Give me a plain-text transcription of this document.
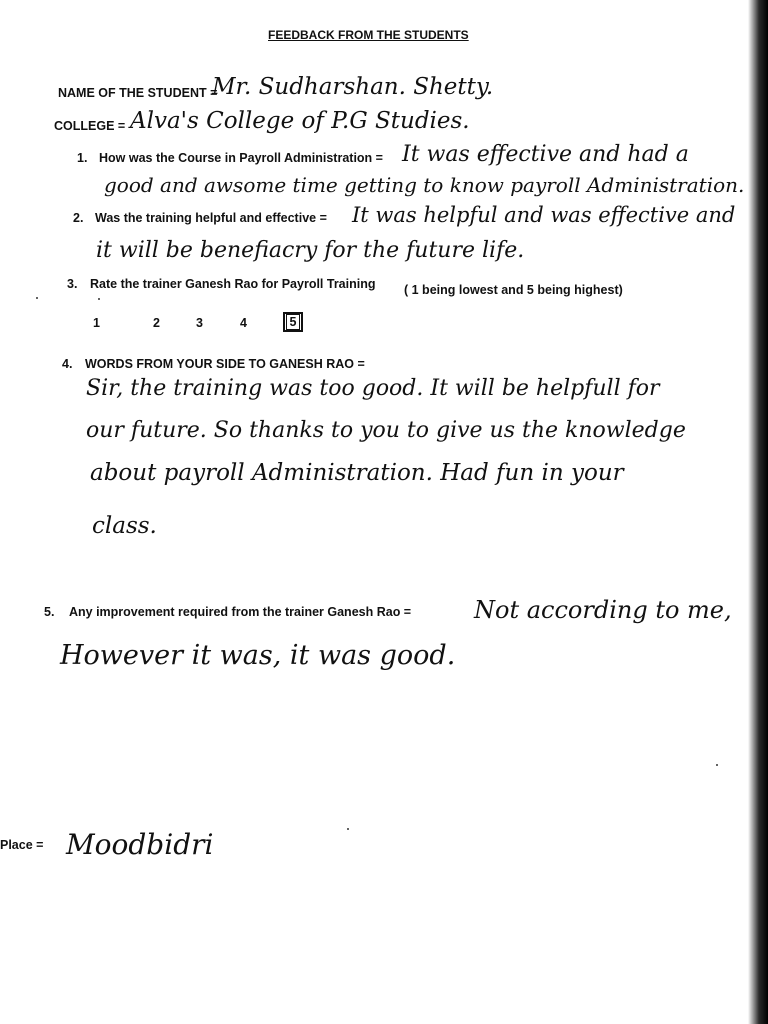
FEEDBACK FROM THE STUDENTS
NAME OF THE STUDENT =
Mr. Sudharshan. Shetty.
COLLEGE = Alva's College of P.G Studies.
1. How was the Course in Payroll Administration = It was effective and had a
good and awsome time getting to know payroll Administration.
2. Was the training helpful and effective = It was helpful and was effective and
it will be benefiacry for the future life.
3. Rate the trainer Ganesh Rao for Payroll Training ( 1 being lowest and 5 being highest)
1	2	3	4	5
4. WORDS FROM YOUR SIDE TO GANESH RAO =
Sir, the training was too good. It will be helpfull for
our future. So thanks to you to give us the knowledge
about payroll Administration. Had fun in your
class.
5. Any improvement required from the trainer Ganesh Rao =	Not according to me,
However it was, it was good.
Place = Moodbidri
